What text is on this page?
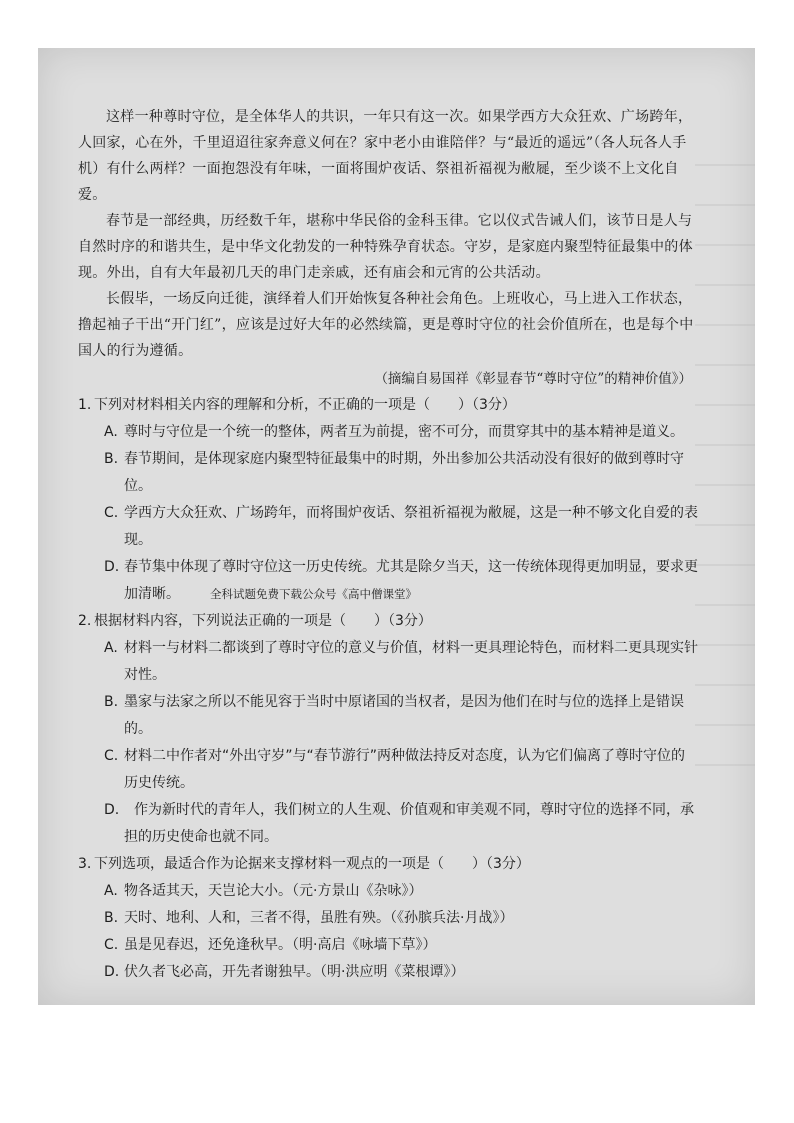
这样一种尊时守位，是全体华人的共识，一年只有这一次。如果学西方大众狂欢、广场跨年，人回家，心在外，千里迢迢往家奔意义何在？家中老小由谁陪伴？与“最近的遥远”（各人玩各人手机）有什么两样？一面抱怨没有年味，一面将围炉夜话、祭祖祈福视为敝屣，至少谈不上文化自爱。

春节是一部经典，历经数千年，堪称中华民俗的金科玉律。它以仪式告诫人们，该节日是人与自然时序的和谐共生，是中华文化勃发的一种特殊孕育状态。守岁，是家庭内聚型特征最集中的体现。外出，自有大年最初几天的串门走亲戚，还有庙会和元宵的公共活动。

长假毕，一场反向迁徙，演绎着人们开始恢复各种社会角色。上班收心，马上进入工作状态，撸起袖子干出“开门红”，应该是过好大年的必然续篇，更是尊时守位的社会价值所在，也是每个中国人的行为遵循。

（摘编自易国祥《彰显春节“尊时守位”的精神价值》）

1. 下列对材料相关内容的理解和分析，不正确的一项是（　　）（3分）

A. 尊时与守位是一个统一的整体，两者互为前提，密不可分，而贯穿其中的基本精神是道义。

B. 春节期间，是体现家庭内聚型特征最集中的时期，外出参加公共活动没有很好的做到尊时守位。

C. 学西方大众狂欢、广场跨年，而将围炉夜话、祭祖祈福视为敝屣，这是一种不够文化自爱的表现。

D. 春节集中体现了尊时守位这一历史传统。尤其是除夕当天，这一传统体现得更加明显，要求更加清晰。	全科试题免费下载公众号《高中僧课堂》

2. 根据材料内容，下列说法正确的一项是（　　）（3分）

A. 材料一与材料二都谈到了尊时守位的意义与价值，材料一更具理论特色，而材料二更具现实针对性。

B. 墨家与法家之所以不能见容于当时中原诸国的当权者，是因为他们在时与位的选择上是错误的。

C. 材料二中作者对“外出守岁”与“春节游行”两种做法持反对态度，认为它们偏离了尊时守位的历史传统。

D. 作为新时代的青年人，我们树立的人生观、价值观和审美观不同，尊时守位的选择不同，承担的历史使命也就不同。

3. 下列选项，最适合作为论据来支撑材料一观点的一项是（　　）（3分）

A. 物各适其天，天岂论大小。（元·方景山《杂咏》）

B. 天时、地利、人和，三者不得，虽胜有殃。（《孙膑兵法·月战》）

C. 虽是见春迟，还免逢秋早。（明·高启《咏墙下草》）

D. 伏久者飞必高，开先者谢独早。（明·洪应明《菜根谭》）
